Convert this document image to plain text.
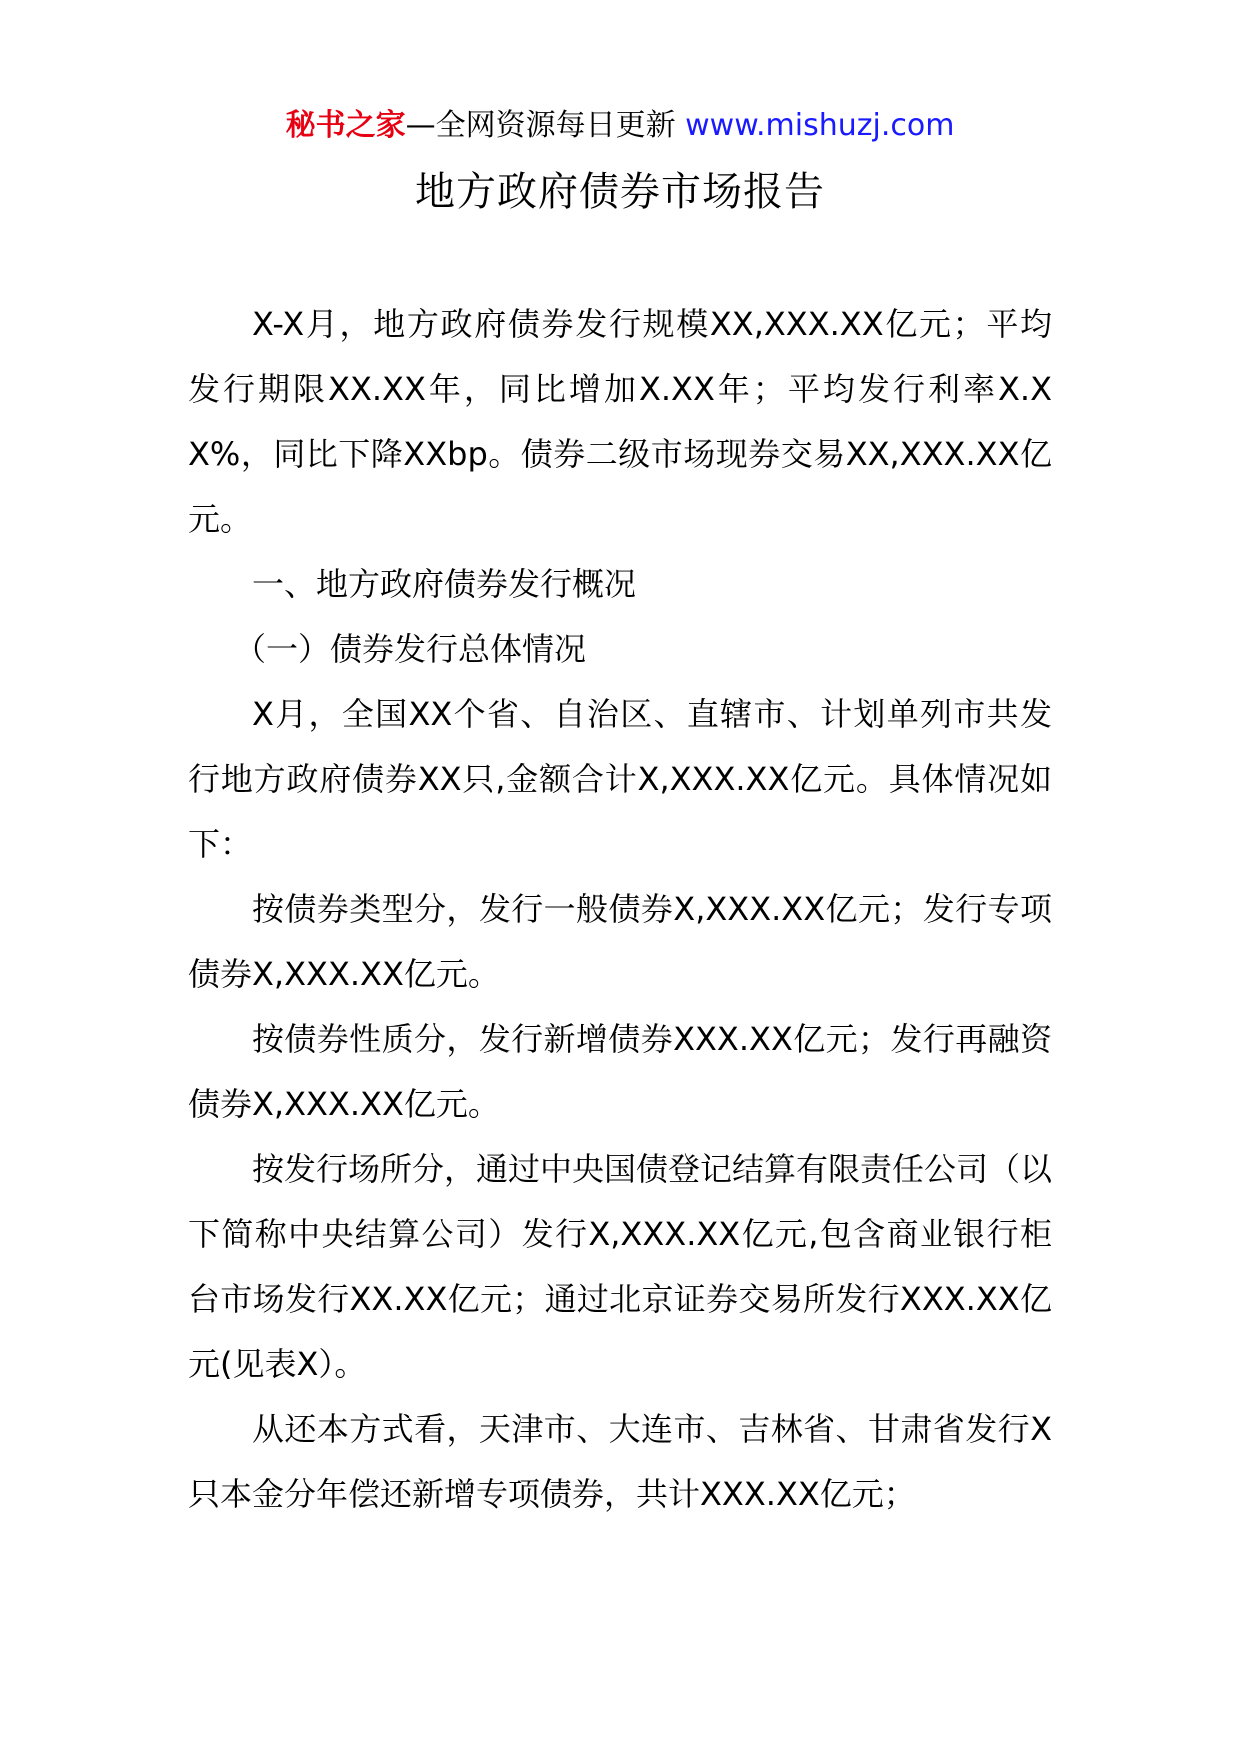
秘书之家—全网资源每日更新 www.mishuzj.com
地方政府债券市场报告

X-X月，地方政府债券发行规模XX,XXX.XX亿元；平均发行期限XX.XX年，同比增加X.XX年；平均发行利率X.XX%，同比下降XXbp。债券二级市场现券交易XX,XXX.XX亿元。

一、地方政府债券发行概况

（一）债券发行总体情况

X月，全国XX个省、自治区、直辖市、计划单列市共发行地方政府债券XX只,金额合计X,XXX.XX亿元。具体情况如下：

按债券类型分，发行一般债券X,XXX.XX亿元；发行专项债券X,XXX.XX亿元。

按债券性质分，发行新增债券XXX.XX亿元；发行再融资债券X,XXX.XX亿元。

按发行场所分，通过中央国债登记结算有限责任公司（以下简称中央结算公司）发行X,XXX.XX亿元,包含商业银行柜台市场发行XX.XX亿元；通过北京证券交易所发行XXX.XX亿元(见表X）。

从还本方式看，天津市、大连市、吉林省、甘肃省发行X只本金分年偿还新增专项债券，共计XXX.XX亿元；
